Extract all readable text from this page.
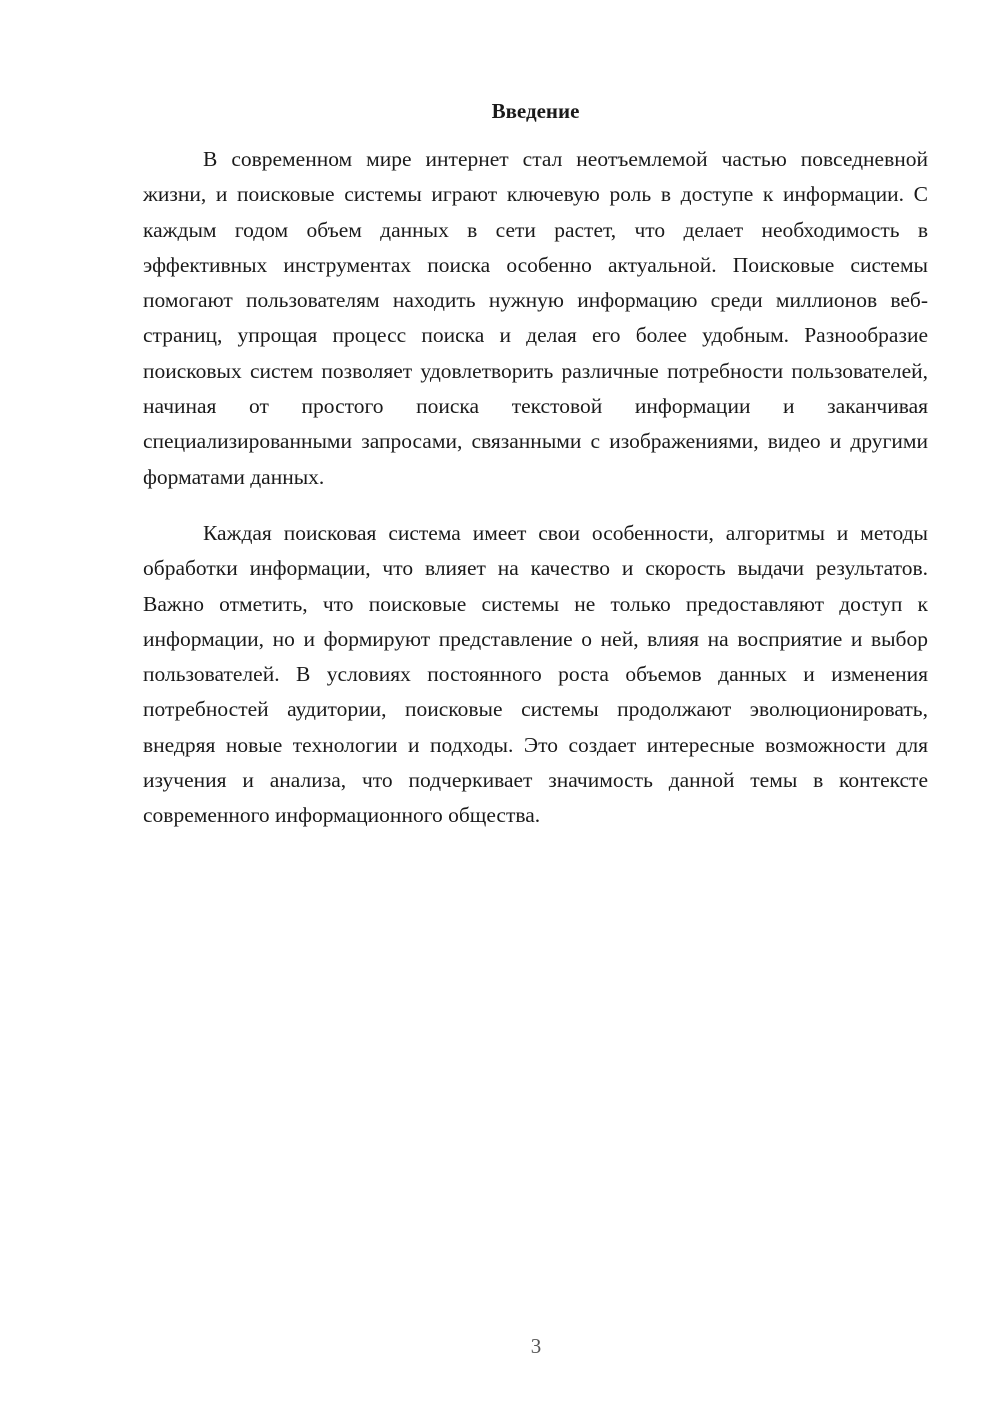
Введение

В современном мире интернет стал неотъемлемой частью повседневной жизни, и поисковые системы играют ключевую роль в доступе к информации. С каждым годом объем данных в сети растет, что делает необходимость в эффективных инструментах поиска особенно актуальной. Поисковые системы помогают пользователям находить нужную информацию среди миллионов веб-страниц, упрощая процесс поиска и делая его более удобным. Разнообразие поисковых систем позволяет удовлетворить различные потребности пользователей, начиная от простого поиска текстовой информации и заканчивая специализированными запросами, связанными с изображениями, видео и другими форматами данных.

Каждая поисковая система имеет свои особенности, алгоритмы и методы обработки информации, что влияет на качество и скорость выдачи результатов. Важно отметить, что поисковые системы не только предоставляют доступ к информации, но и формируют представление о ней, влияя на восприятие и выбор пользователей. В условиях постоянного роста объемов данных и изменения потребностей аудитории, поисковые системы продолжают эволюционировать, внедряя новые технологии и подходы. Это создает интересные возможности для изучения и анализа, что подчеркивает значимость данной темы в контексте современного информационного общества.

3
